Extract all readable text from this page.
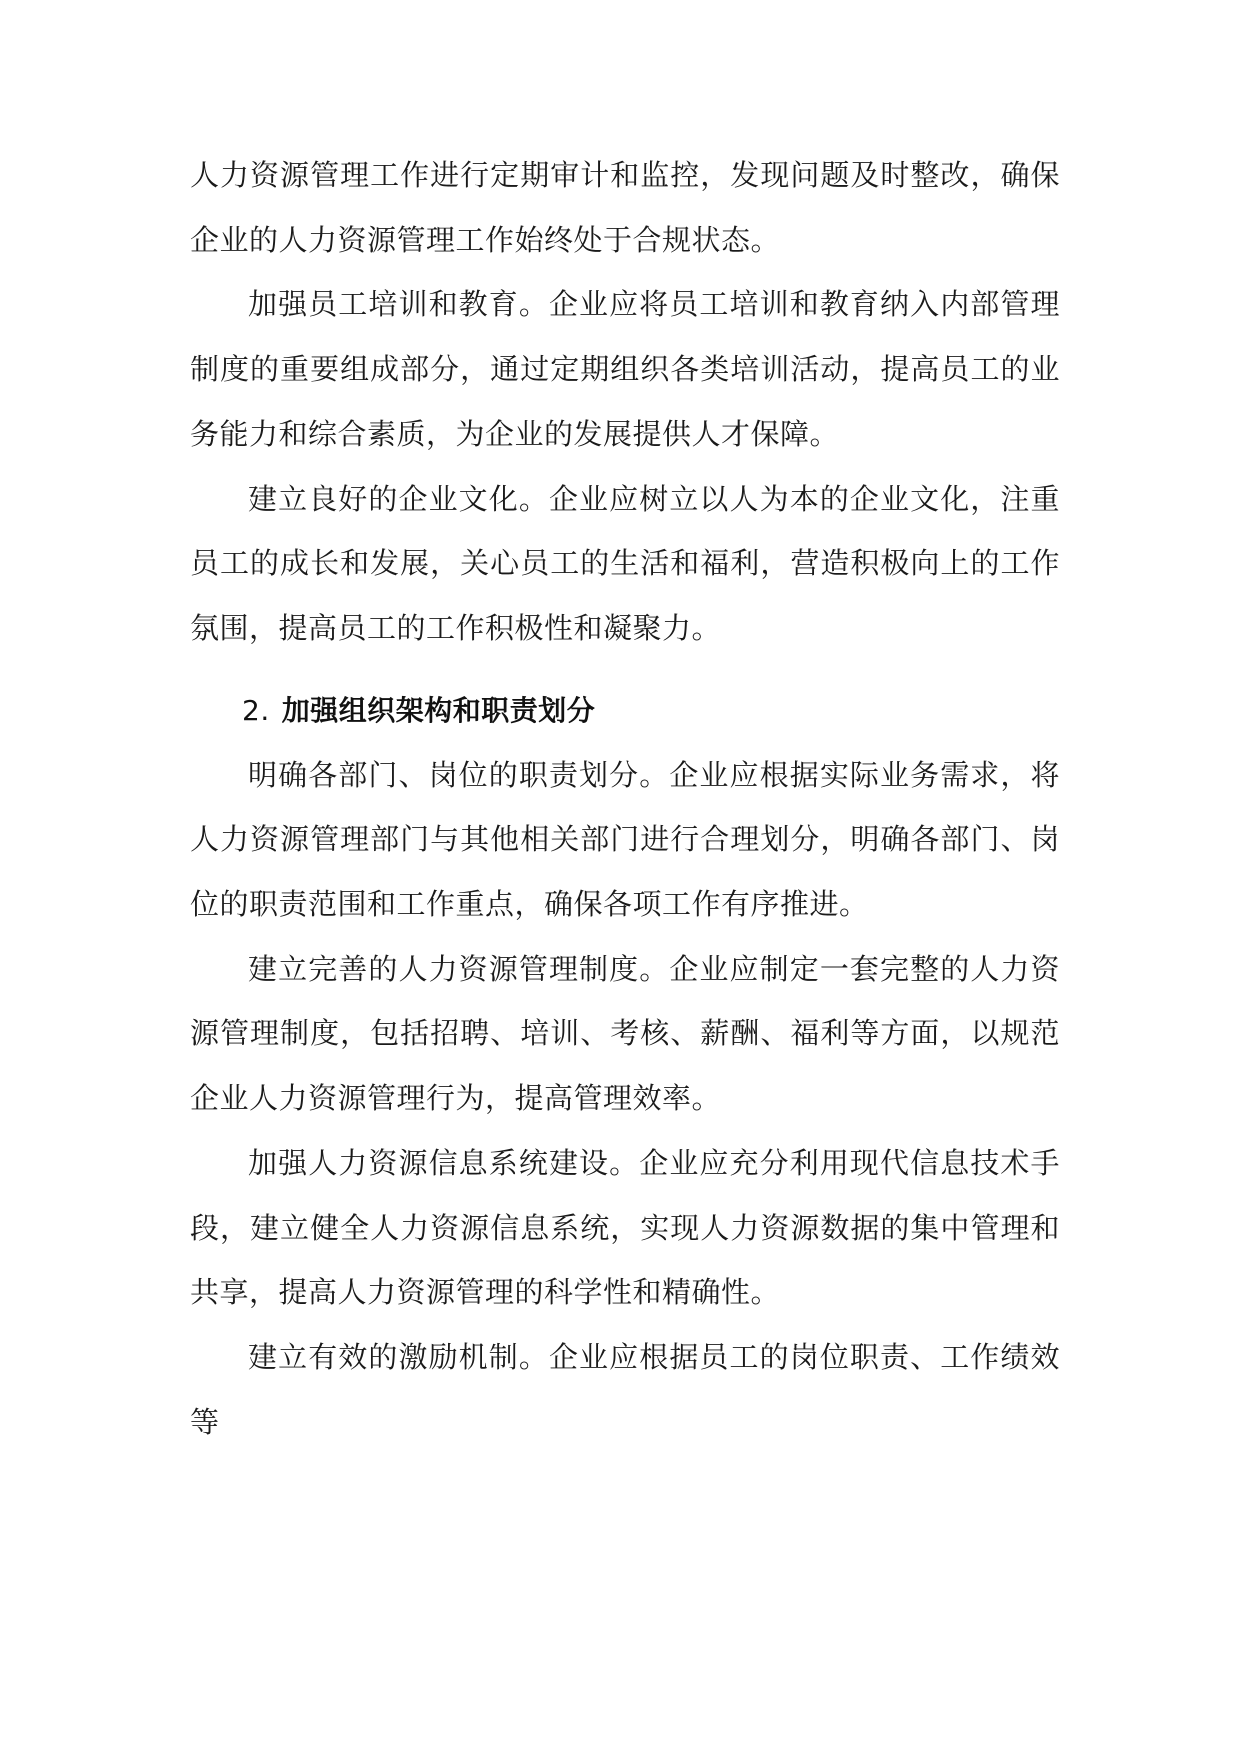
人力资源管理工作进行定期审计和监控，发现问题及时整改，确保企业的人力资源管理工作始终处于合规状态。

加强员工培训和教育。企业应将员工培训和教育纳入内部管理制度的重要组成部分，通过定期组织各类培训活动，提高员工的业务能力和综合素质，为企业的发展提供人才保障。

建立良好的企业文化。企业应树立以人为本的企业文化，注重员工的成长和发展，关心员工的生活和福利，营造积极向上的工作氛围，提高员工的工作积极性和凝聚力。

2. 加强组织架构和职责划分

明确各部门、岗位的职责划分。企业应根据实际业务需求，将人力资源管理部门与其他相关部门进行合理划分，明确各部门、岗位的职责范围和工作重点，确保各项工作有序推进。

建立完善的人力资源管理制度。企业应制定一套完整的人力资源管理制度，包括招聘、培训、考核、薪酬、福利等方面，以规范企业人力资源管理行为，提高管理效率。

加强人力资源信息系统建设。企业应充分利用现代信息技术手段，建立健全人力资源信息系统，实现人力资源数据的集中管理和共享，提高人力资源管理的科学性和精确性。

建立有效的激励机制。企业应根据员工的岗位职责、工作绩效等
